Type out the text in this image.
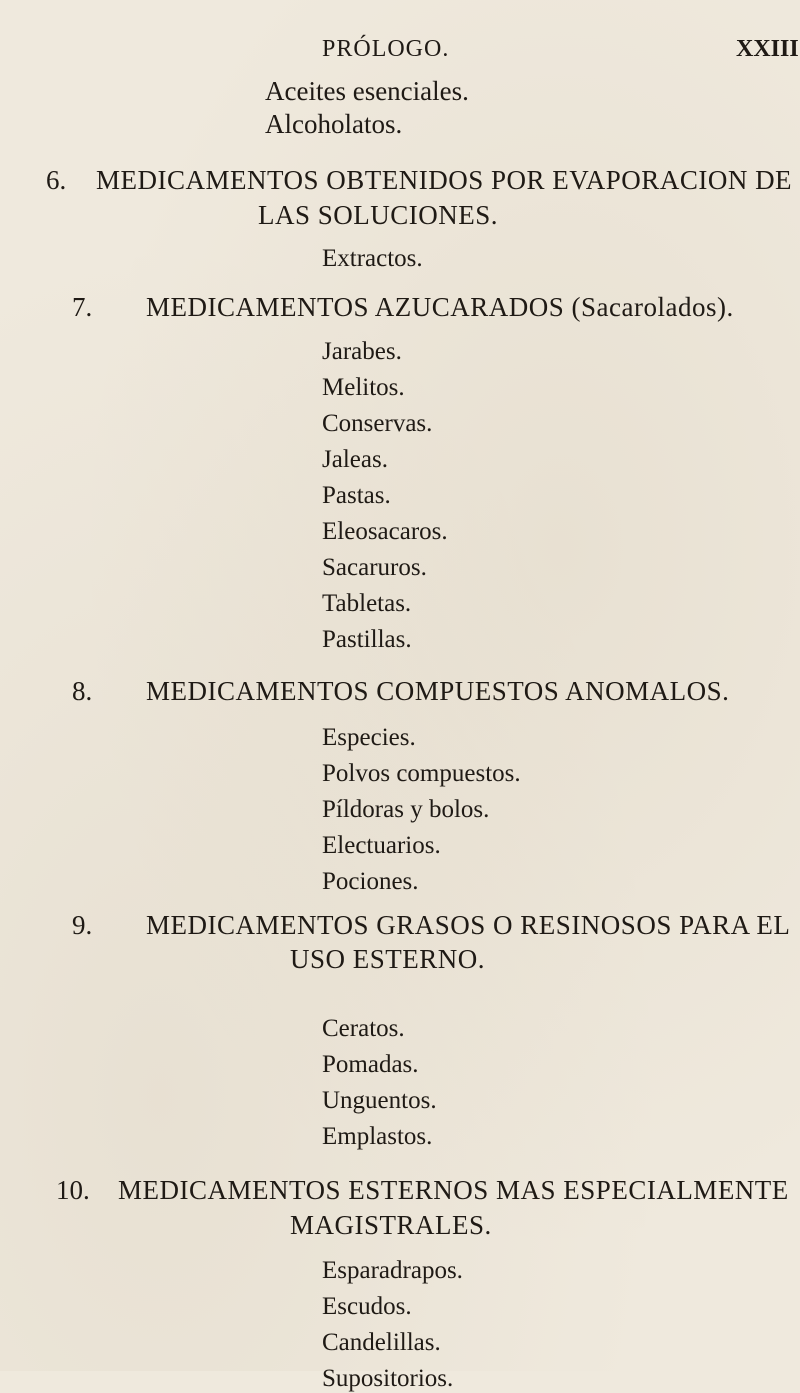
PRÓLOGO.	XXIII
Aceites esenciales.
Alcoholatos.
6. MEDICAMENTOS OBTENIDOS POR EVAPORACION DE
LAS SOLUCIONES.
Extractos.
7. MEDICAMENTOS AZUCARADOS (Sacarolados).
Jarabes.
Melitos.
Conservas.
Jaleas.
Pastas.
Eleosacaros.
Sacaruros.
Tabletas.
Pastillas.
8. MEDICAMENTOS COMPUESTOS ANOMALOS.
Especies.
Polvos compuestos.
Píldoras y bolos.
Electuarios.
Pociones.
9. MEDICAMENTOS GRASOS O RESINOSOS PARA EL
USO ESTERNO.
Ceratos.
Pomadas.
Unguentos.
Emplastos.
10. MEDICAMENTOS ESTERNOS MAS ESPECIALMENTE
MAGISTRALES.
Esparadrapos.
Escudos.
Candelillas.
Supositorios.
